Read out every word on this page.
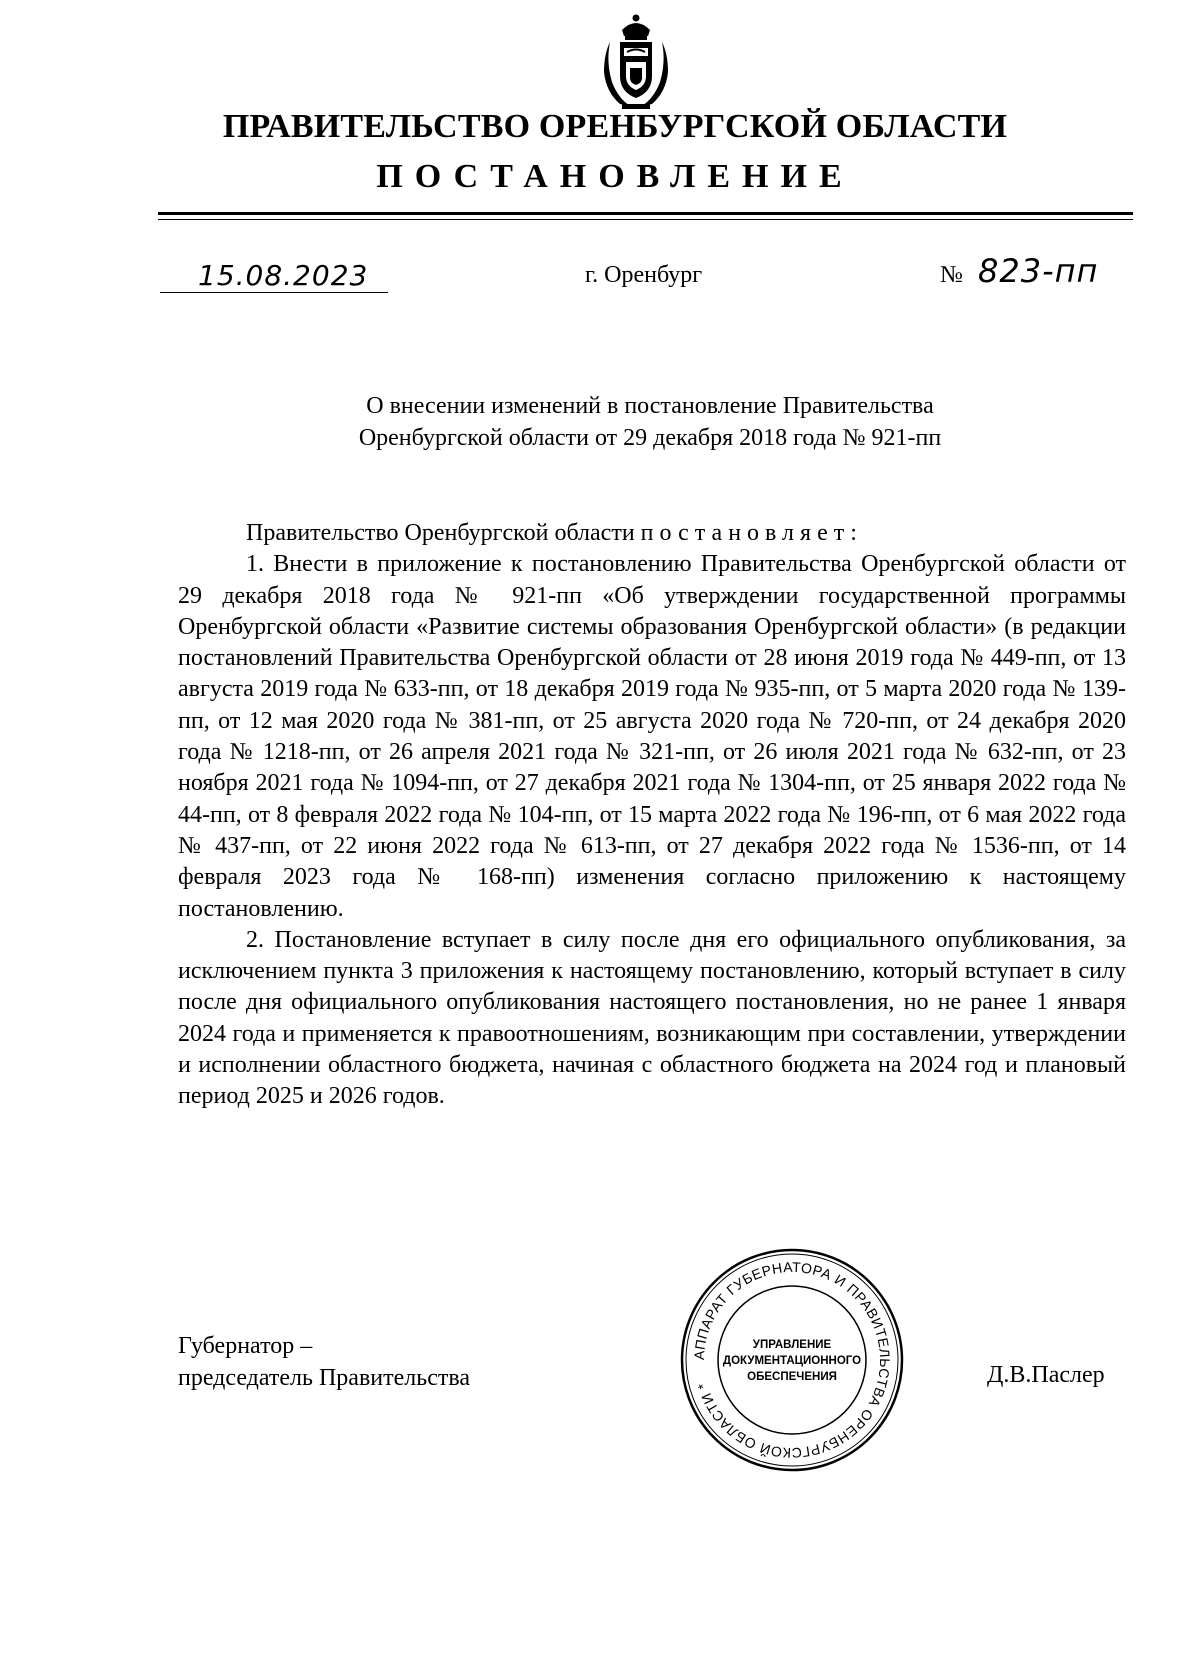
ПРАВИТЕЛЬСТВО ОРЕНБУРГСКОЙ ОБЛАСТИ
ПОСТАНОВЛЕНИЕ
15.08.2023	г. Оренбург	№ 823-пп
О внесении изменений в постановление Правительства
Оренбургской области от 29 декабря 2018 года № 921-пп

Правительство Оренбургской области постановляет:

1. Внести в приложение к постановлению Правительства Оренбургской области от 29 декабря 2018 года № 921-пп «Об утверждении государственной программы Оренбургской области «Развитие системы образования Оренбургской области» (в редакции постановлений Правительства Оренбургской области от 28 июня 2019 года № 449-пп, от 13 августа 2019 года № 633-пп, от 18 декабря 2019 года № 935-пп, от 5 марта 2020 года № 139-пп, от 12 мая 2020 года № 381-пп, от 25 августа 2020 года № 720-пп, от 24 декабря 2020 года № 1218-пп, от 26 апреля 2021 года № 321-пп, от 26 июля 2021 года № 632-пп, от 23 ноября 2021 года № 1094-пп, от 27 декабря 2021 года № 1304-пп, от 25 января 2022 года № 44-пп, от 8 февраля 2022 года № 104-пп, от 15 марта 2022 года № 196-пп, от 6 мая 2022 года № 437-пп, от 22 июня 2022 года № 613-пп, от 27 декабря 2022 года № 1536-пп, от 14 февраля 2023 года № 168-пп) изменения согласно приложению к настоящему постановлению.

2. Постановление вступает в силу после дня его официального опубликования, за исключением пункта 3 приложения к настоящему постановлению, который вступает в силу после дня официального опубликования настоящего постановления, но не ранее 1 января 2024 года и применяется к правоотношениям, возникающим при составлении, утверждении и исполнении областного бюджета, начиная с областного бюджета на 2024 год и плановый период 2025 и 2026 годов.

Губернатор –
председатель Правительства
АППАРАТ ГУБЕРНАТОРА И ПРАВИТЕЛЬСТВА ОРЕНБУРГСКОЙ ОБЛАСТИ *
УПРАВЛЕНИЕ
ДОКУМЕНТАЦИОННОГО
ОБЕСПЕЧЕНИЯ	Д.В.Паслер
